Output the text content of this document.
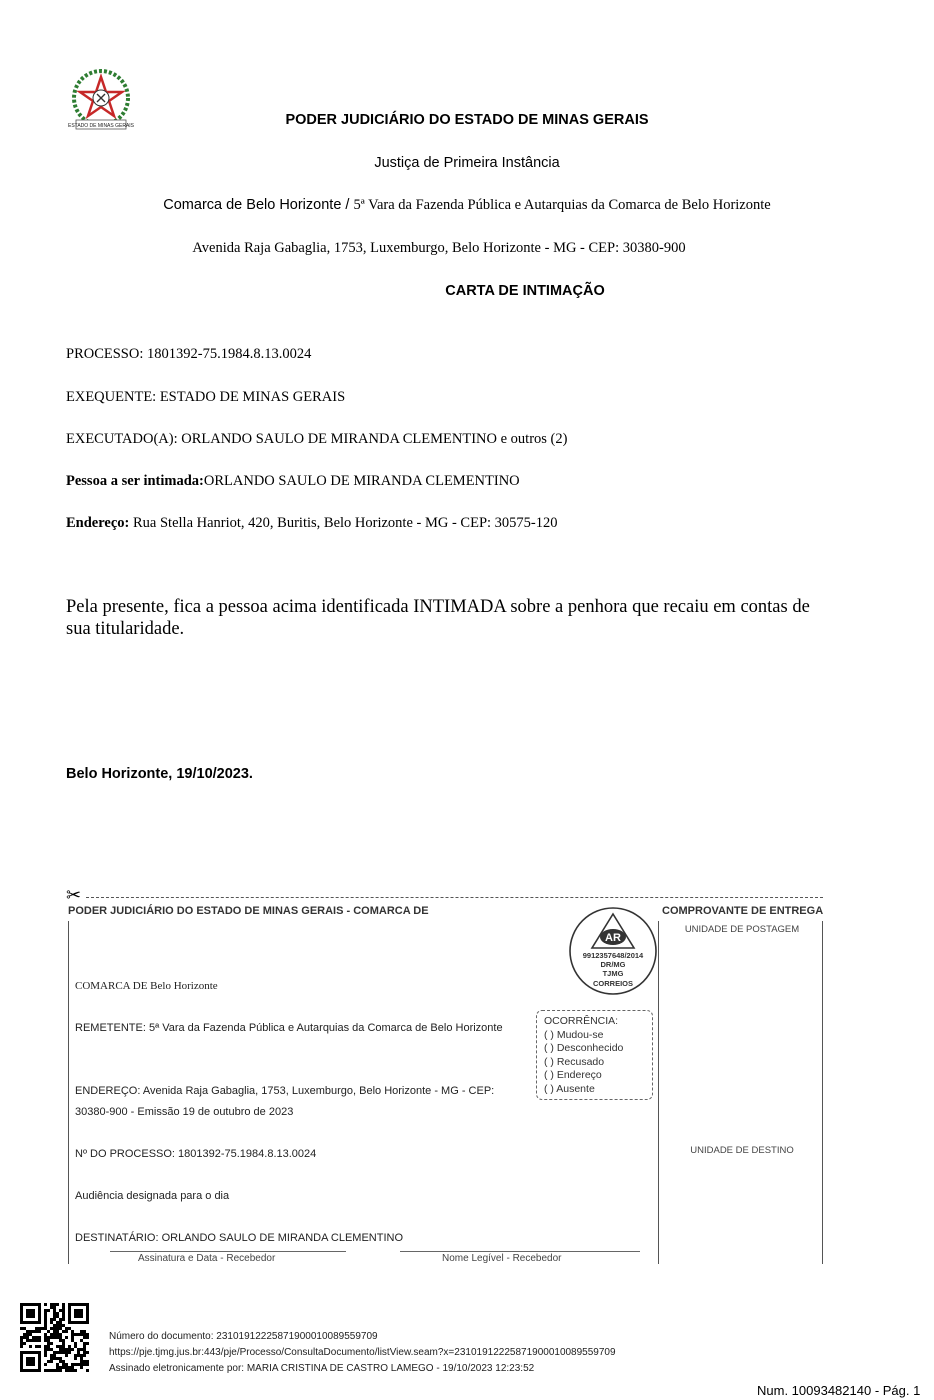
ESTADO DE MINAS GERAIS	PODER JUDICIÁRIO DO ESTADO DE MINAS GERAIS
Justiça de Primeira Instância
Comarca de Belo Horizonte / 5ª Vara da Fazenda Pública e Autarquias da Comarca de Belo Horizonte
Avenida Raja Gabaglia, 1753, Luxemburgo, Belo Horizonte - MG - CEP: 30380-900
CARTA DE INTIMAÇÃO
PROCESSO: 1801392-75.1984.8.13.0024
EXEQUENTE: ESTADO DE MINAS GERAIS
EXECUTADO(A): ORLANDO SAULO DE MIRANDA CLEMENTINO e outros (2)
Pessoa a ser intimada:ORLANDO SAULO DE MIRANDA CLEMENTINO
Endereço: Rua Stella Hanriot, 420, Buritis, Belo Horizonte - MG - CEP: 30575-120
Pela presente, fica a pessoa acima identificada INTIMADA sobre a penhora que recaiu em contas de sua titularidade.
Belo Horizonte, 19/10/2023.
✂
PODER JUDICIÁRIO DO ESTADO DE MINAS GERAIS - COMARCA DE	COMPROVANTE DE ENTREGA
UNIDADE DE POSTAGEM
UNIDADE DE DESTINO
AR
9912357648/2014
DR/MG
TJMG
CORREIOS
COMARCA DE Belo Horizonte
REMETENTE: 5ª Vara da Fazenda Pública e Autarquias da Comarca de Belo Horizonte
ENDEREÇO: Avenida Raja Gabaglia, 1753, Luxemburgo, Belo Horizonte - MG - CEP: 30380-900 - Emissão 19 de outubro de 2023
Nº DO PROCESSO: 1801392-75.1984.8.13.0024
Audiência designada para o dia
DESTINATÁRIO: ORLANDO SAULO DE MIRANDA CLEMENTINO
OCORRÊNCIA:
( ) Mudou-se
( ) Desconhecido
( ) Recusado
( ) Endereço
( ) Ausente
Assinatura e Data - Recebedor	Nome Legível - Recebedor
Número do documento: 23101912225871900010089559709
https://pje.tjmg.jus.br:443/pje/Processo/ConsultaDocumento/listView.seam?x=23101912225871900010089559709
Assinado eletronicamente por: MARIA CRISTINA DE CASTRO LAMEGO - 19/10/2023 12:23:52
Num. 10093482140 - Pág. 1
